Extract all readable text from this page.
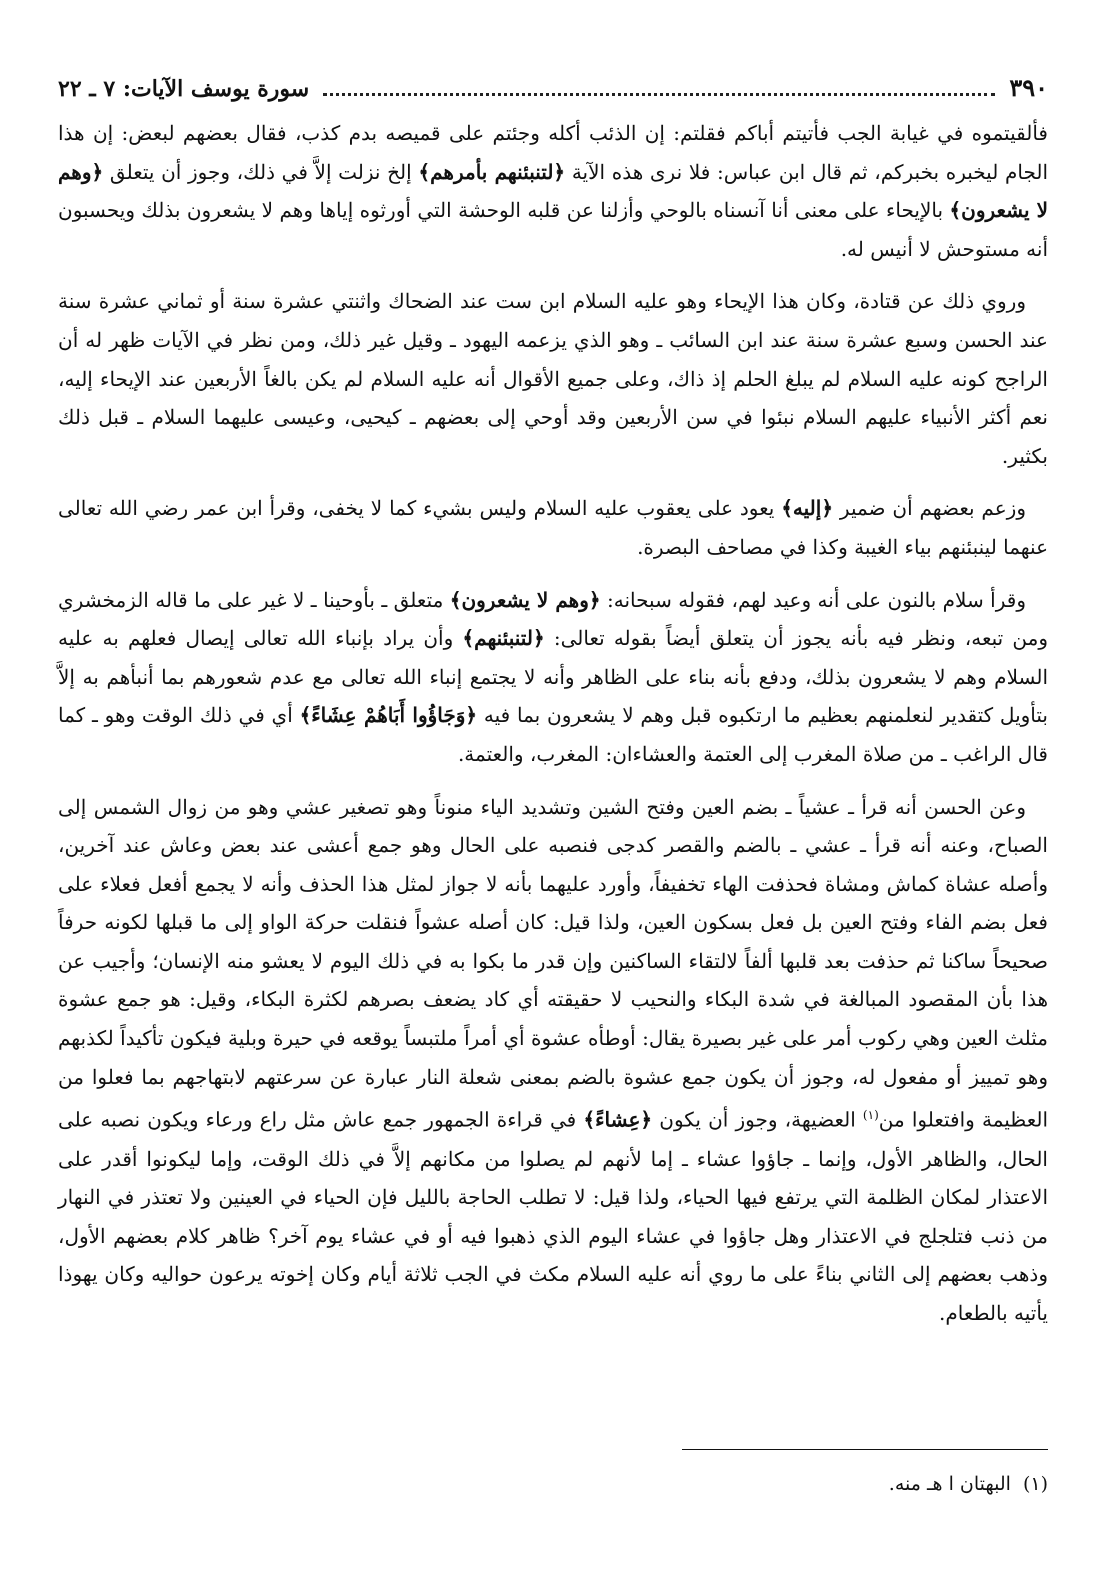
٣٩٠
سورة يوسف الآيات: ٧ ـ ٢٢

فألقيتموه في غيابة الجب فأتيتم أباكم فقلتم: إن الذئب أكله وجئتم على قميصه بدم كذب، فقال بعضهم لبعض: إن هذا الجام ليخبره بخبركم، ثم قال ابن عباس: فلا نرى هذه الآية ﴿لتنبئنهم بأمرهم﴾ إلخ نزلت إلاَّ في ذلك، وجوز أن يتعلق ﴿وهم لا يشعرون﴾ بالإيحاء على معنى أنا آنسناه بالوحي وأزلنا عن قلبه الوحشة التي أورثوه إياها وهم لا يشعرون بذلك ويحسبون أنه مستوحش لا أنيس له.

وروي ذلك عن قتادة، وكان هذا الإيحاء وهو عليه السلام ابن ست عند الضحاك واثنتي عشرة سنة أو ثماني عشرة سنة عند الحسن وسبع عشرة سنة عند ابن السائب ـ وهو الذي يزعمه اليهود ـ وقيل غير ذلك، ومن نظر في الآيات ظهر له أن الراجح كونه عليه السلام لم يبلغ الحلم إذ ذاك، وعلى جميع الأقوال أنه عليه السلام لم يكن بالغاً الأربعين عند الإيحاء إليه، نعم أكثر الأنبياء عليهم السلام نبئوا في سن الأربعين وقد أوحي إلى بعضهم ـ كيحيى، وعيسى عليهما السلام ـ قبل ذلك بكثير.

وزعم بعضهم أن ضمير ﴿إليه﴾ يعود على يعقوب عليه السلام وليس بشيء كما لا يخفى، وقرأ ابن عمر رضي الله تعالى عنهما لينبئنهم بياء الغيبة وكذا في مصاحف البصرة.

وقرأ سلام بالنون على أنه وعيد لهم، فقوله سبحانه: ﴿وهم لا يشعرون﴾ متعلق ـ بأوحينا ـ لا غير على ما قاله الزمخشري ومن تبعه، ونظر فيه بأنه يجوز أن يتعلق أيضاً بقوله تعالى: ﴿لتنبئنهم﴾ وأن يراد بإنباء الله تعالى إيصال فعلهم به عليه السلام وهم لا يشعرون بذلك، ودفع بأنه بناء على الظاهر وأنه لا يجتمع إنباء الله تعالى مع عدم شعورهم بما أنبأهم به إلاَّ بتأويل كتقدير لنعلمنهم بعظيم ما ارتكبوه قبل وهم لا يشعرون بما فيه ﴿وَجَاؤُوا أَبَاهُمْ عِشَاءً﴾ أي في ذلك الوقت وهو ـ كما قال الراغب ـ من صلاة المغرب إلى العتمة والعشاءان: المغرب، والعتمة.

وعن الحسن أنه قرأ ـ عشياً ـ بضم العين وفتح الشين وتشديد الياء منوناً وهو تصغير عشي وهو من زوال الشمس إلى الصباح، وعنه أنه قرأ ـ عشي ـ بالضم والقصر كدجى فنصبه على الحال وهو جمع أعشى عند بعض وعاش عند آخرين، وأصله عشاة كماش ومشاة فحذفت الهاء تخفيفاً، وأورد عليهما بأنه لا جواز لمثل هذا الحذف وأنه لا يجمع أفعل فعلاء على فعل بضم الفاء وفتح العين بل فعل بسكون العين، ولذا قيل: كان أصله عشواً فنقلت حركة الواو إلى ما قبلها لكونه حرفاً صحيحاً ساكنا ثم حذفت بعد قلبها ألفاً لالتقاء الساكنين وإن قدر ما بكوا به في ذلك اليوم لا يعشو منه الإنسان؛ وأجيب عن هذا بأن المقصود المبالغة في شدة البكاء والنحيب لا حقيقته أي كاد يضعف بصرهم لكثرة البكاء، وقيل: هو جمع عشوة مثلث العين وهي ركوب أمر على غير بصيرة يقال: أوطأه عشوة أي أمراً ملتبساً يوقعه في حيرة وبلية فيكون تأكيداً لكذبهم وهو تمييز أو مفعول له، وجوز أن يكون جمع عشوة بالضم بمعنى شعلة النار عبارة عن سرعتهم لابتهاجهم بما فعلوا من العظيمة وافتعلوا من$^{(١)}$ العضيهة، وجوز أن يكون ﴿عِشاءً﴾ في قراءة الجمهور جمع عاش مثل راع ورعاء ويكون نصبه على الحال، والظاهر الأول، وإنما ـ جاؤوا عشاء ـ إما لأنهم لم يصلوا من مكانهم إلاَّ في ذلك الوقت، وإما ليكونوا أقدر على الاعتذار لمكان الظلمة التي يرتفع فيها الحياء، ولذا قيل: لا تطلب الحاجة بالليل فإن الحياء في العينين ولا تعتذر في النهار من ذنب فتلجلج في الاعتذار وهل جاؤوا في عشاء اليوم الذي ذهبوا فيه أو في عشاء يوم آخر؟ ظاهر كلام بعضهم الأول، وذهب بعضهم إلى الثاني بناءً على ما روي أنه عليه السلام مكث في الجب ثلاثة أيام وكان إخوته يرعون حواليه وكان يهوذا يأتيه بالطعام.

(١)البهتان ا هـ منه.
